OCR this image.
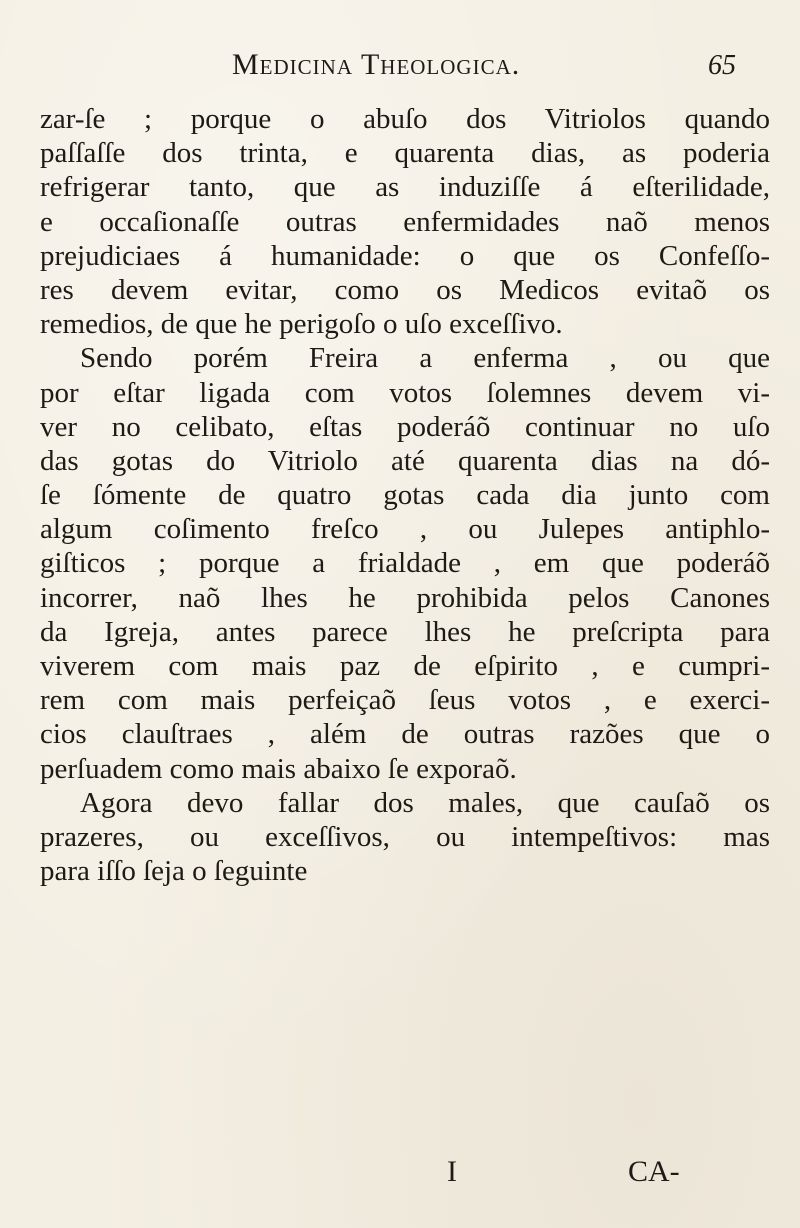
Medicina Theologica.	65
zar-ſe ; porque o abuſo dos Vitriolos quando
paſſaſſe dos trinta, e quarenta dias, as poderia
refrigerar tanto, que as induziſſe á eſterilidade,
e occaſionaſſe outras enfermidades naõ menos
prejudiciaes á humanidade: o que os Confeſſo-
res devem evitar, como os Medicos evitaõ os
remedios, de que he perigoſo o uſo exceſſivo.
Sendo porém Freira a enferma , ou que
por eſtar ligada com votos ſolemnes devem vi-
ver no celibato, eſtas poderáõ continuar no uſo
das gotas do Vitriolo até quarenta dias na dó-
ſe ſómente de quatro gotas cada dia junto com
algum coſimento freſco , ou Julepes antiphlo-
giſticos ; porque a frialdade , em que poderáõ
incorrer, naõ lhes he prohibida pelos Canones
da Igreja, antes parece lhes he preſcripta para
viverem com mais paz de eſpirito , e cumpri-
rem com mais perfeiçaõ ſeus votos , e exerci-
cios clauſtraes , além de outras razões que o
perſuadem como mais abaixo ſe exporaõ.
Agora devo fallar dos males, que cauſaõ os
prazeres, ou exceſſivos, ou intempeſtivos: mas
para iſſo ſeja o ſeguinte
I	CA-
